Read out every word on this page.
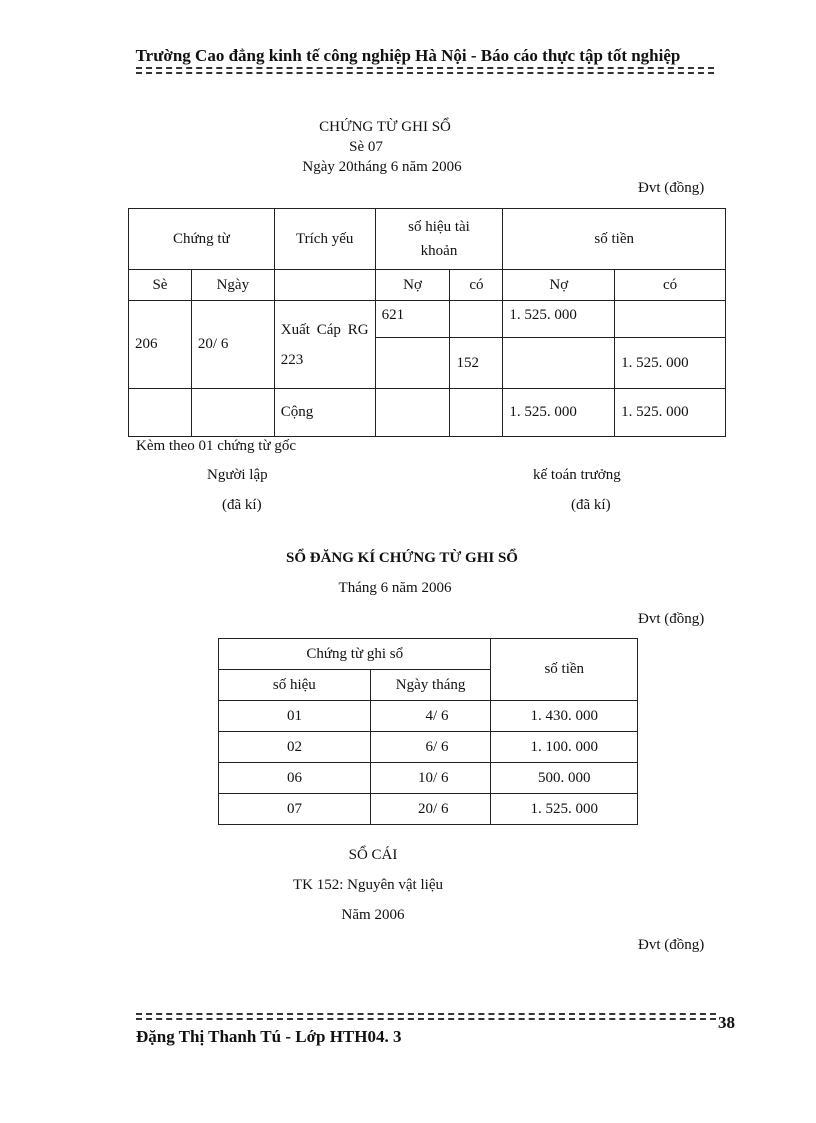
Trường Cao đẳng kinh tế công nghiệp Hà Nội - Báo cáo thực tập tốt nghiệp
CHỨNG TỪ GHI SỔ
Sè 07
Ngày 20tháng 6 năm 2006
Đvt (đồng)
Chứng từ		Trích yếu	số hiệu tài khoản		số tiền	
Sè	Ngày		Nợ	có	Nợ	có
206	20/ 6	Xuất Cáp RG 223	621		1. 525. 000	
				152		1. 525. 000
		Cộng			1. 525. 000	1. 525. 000
Kèm theo 01 chứng từ gốc
Người lập
(đã kí)
kế toán trưởng
(đã kí)
SỔ ĐĂNG KÍ CHỨNG TỪ GHI SỔ
Tháng 6 năm 2006
Đvt (đồng)
Chứng từ ghi sổ		số tiền
số hiệu	Ngày tháng	
01	4/ 6	1. 430. 000
02	6/ 6	1. 100. 000
06	10/ 6	500. 000
07	20/ 6	1. 525. 000
SỔ CÁI
TK 152: Nguyên vật liệu
Năm 2006
Đvt (đồng)
38
Đặng Thị Thanh Tú - Lớp HTH04. 3
